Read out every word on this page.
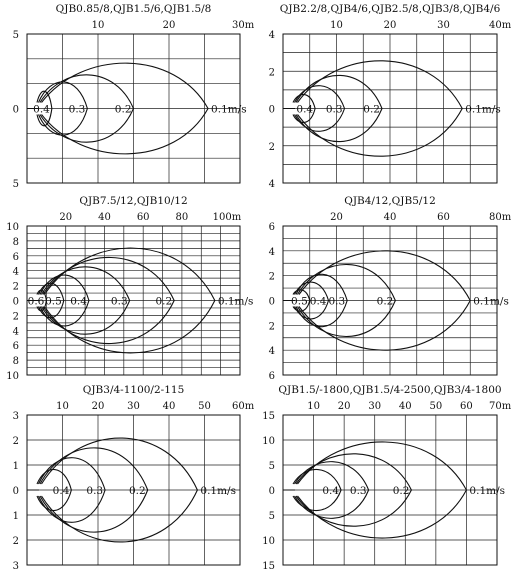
QJB0.85/8,QJB1.5/6,QJB1.5/8
10	20	30m
5
0
5
0.4 0.3	0.2	0.1m/s
QJB2.2/8,QJB4/6,QJB2.5/8,QJB3/8,QJB4/6
10	20	30	40m
4
2
0
2
4
0.4 0.3 0.2	0.1m/s
QJB7.5/12,QJB10/12
20	40	60	80 100m
10
8
6
4
2
0
2
4
6
8
10
0.6 0.5 0.4 0.3	0.2	0.1m/s
QJB4/12,QJB5/12
20	40	60	80m
6
4
2
0
2
4
6
0.5 0.4 0.3	0.2	0.1m/s
QJB3/4-1100/2-115
10 20 30 40 50 60m
3
2
1
0
1
2
3
0.4 0.3 0.2	0.1m/s
QJB1.5/-1800,QJB1.5/4-2500,QJB3/4-1800
10 20 30 40 50 60 70m
15
10
5
0
5
10
15
0.4 0.3 0.2	0.1m/s
